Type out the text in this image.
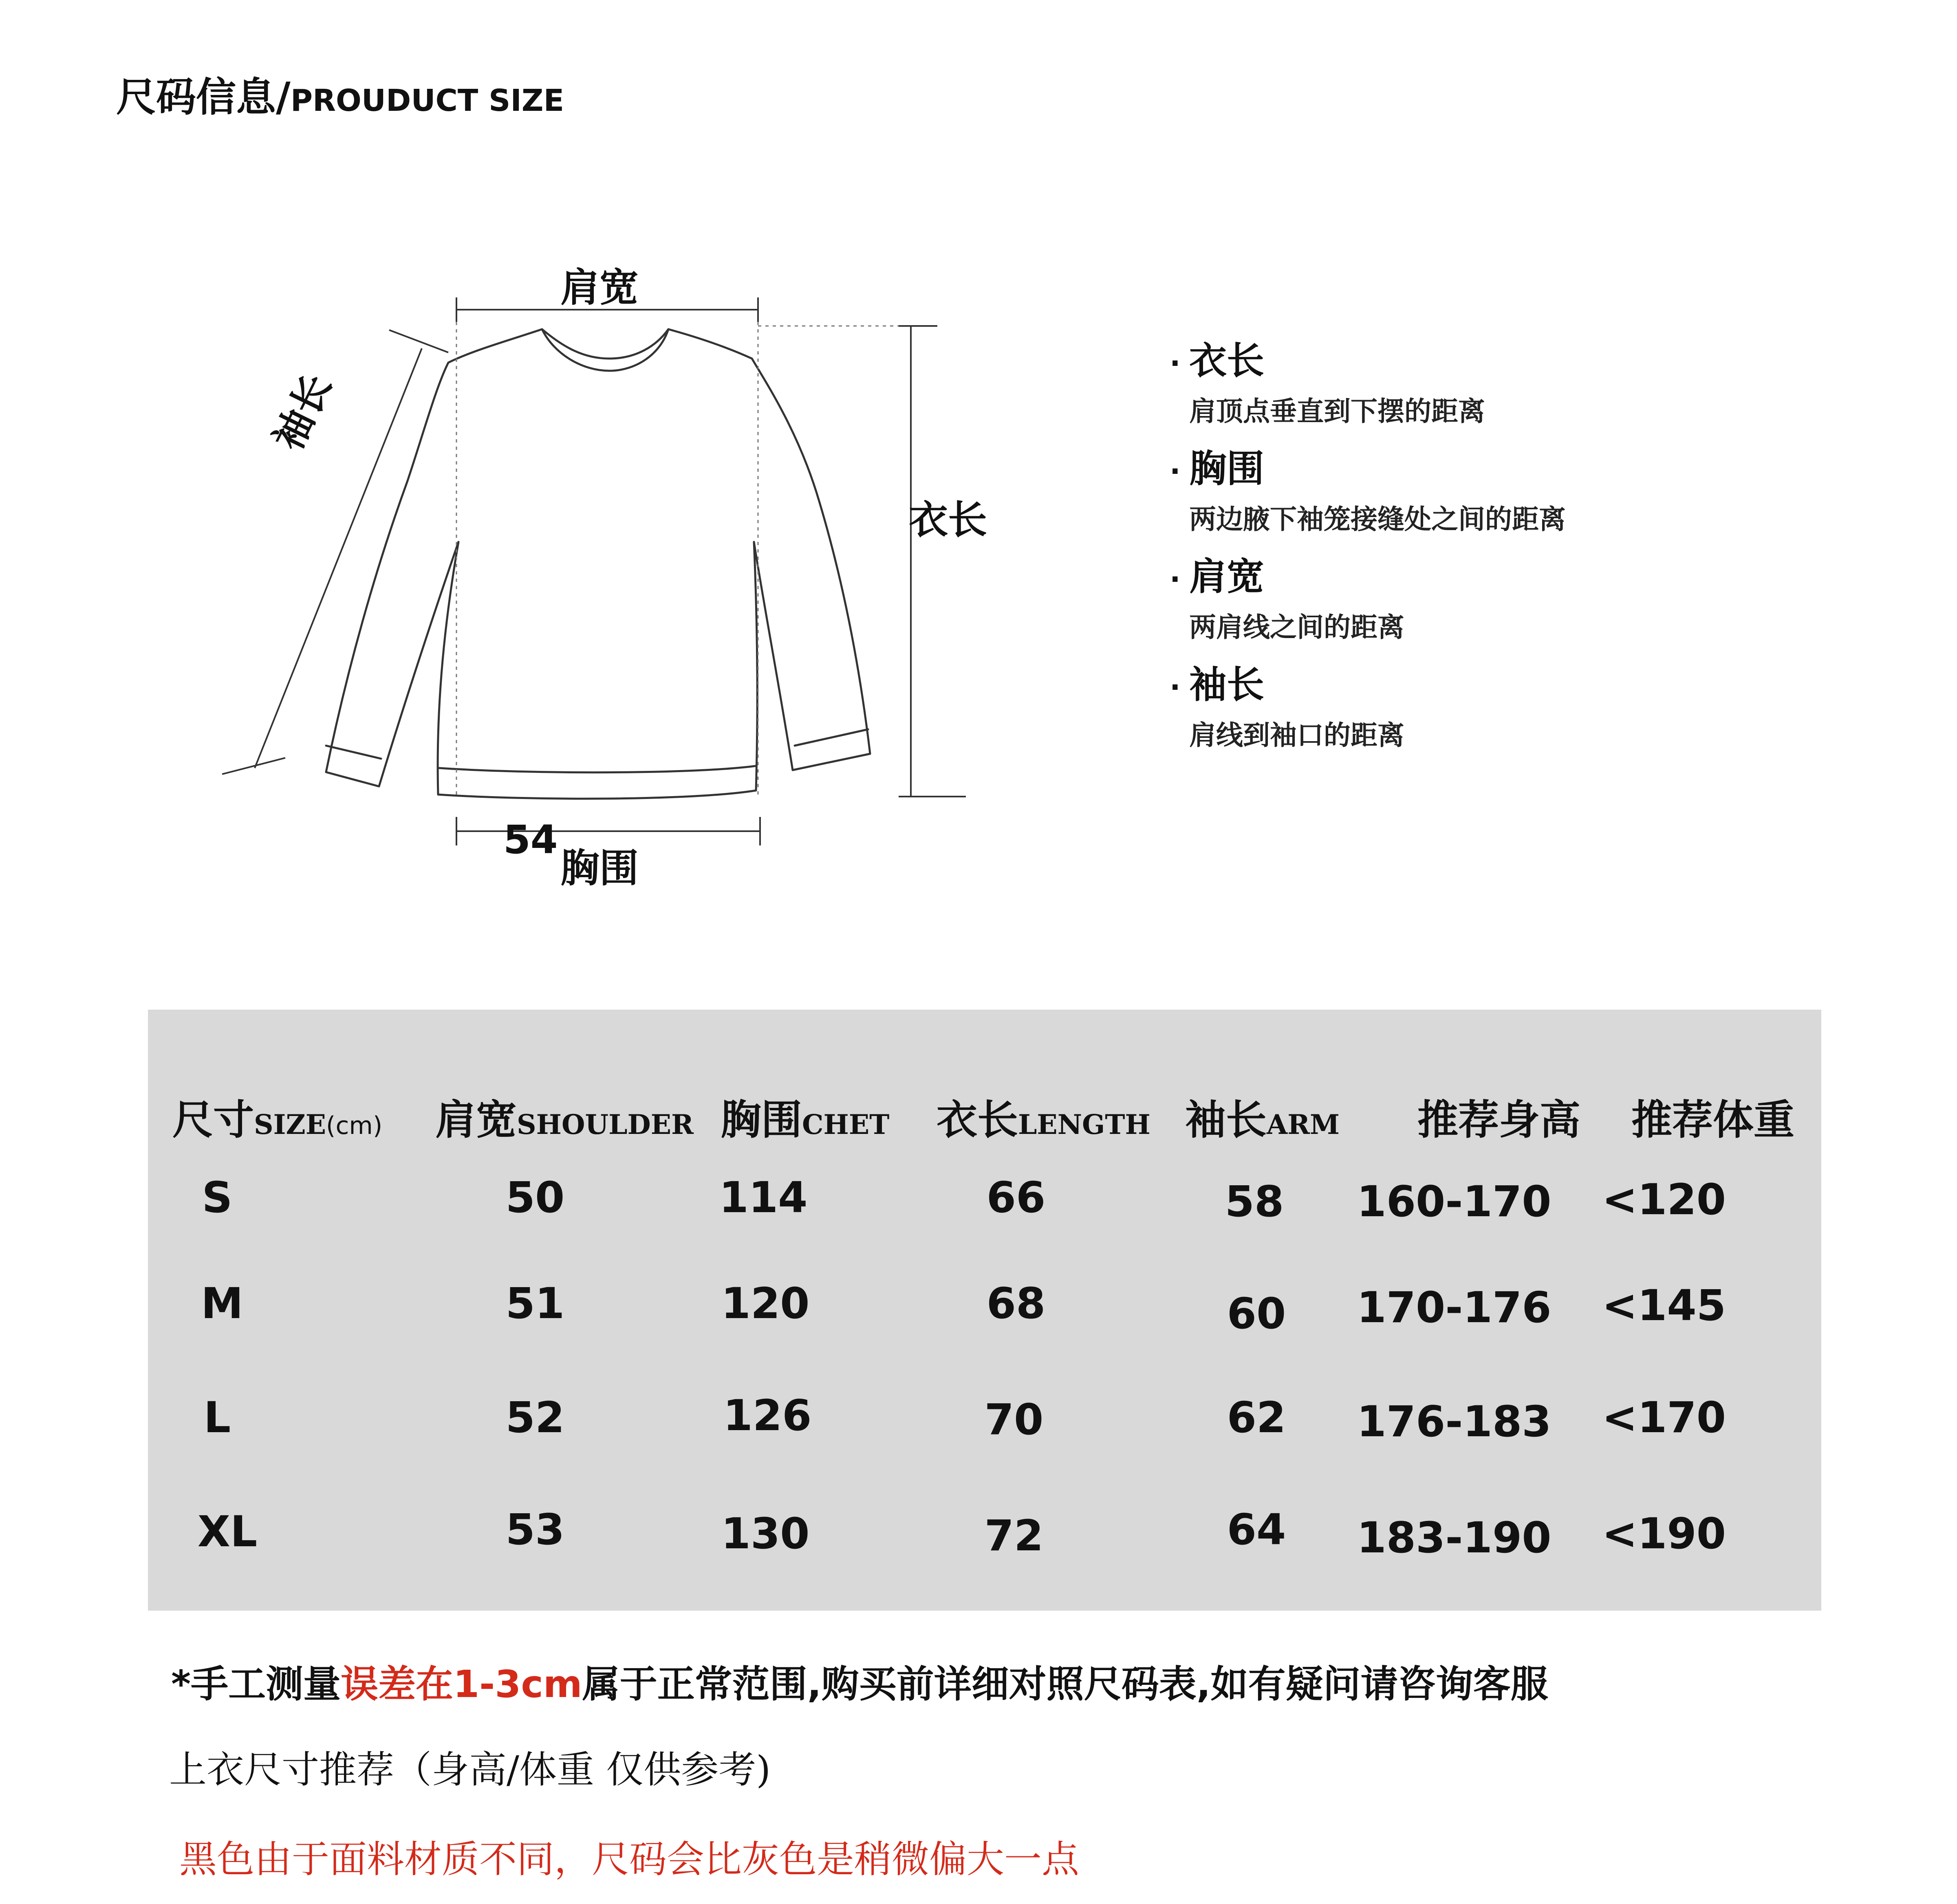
尺码信息/PROUDUCT SIZE
肩宽
衣长
袖长
54
胸围
· 衣长
肩顶点垂直到下摆的距离
· 胸围
两边腋下袖笼接缝处之间的距离
· 肩宽
两肩线之间的距离
· 袖长
肩线到袖口的距离
尺寸SIZE(cm) 肩宽SHOULDER 胸围CHET 衣长LENGTH 袖长ARM 推荐身高 推荐体重
S	50	114	66	58	160-170	<120
M	51	120	68	60	170-176	<145
L	52	126	70	62	176-183	<170
XL	53	130	72	64	183-190	<190
*手工测量误差在1-3cm属于正常范围,购买前详细对照尺码表,如有疑问请咨询客服
上衣尺寸推荐（身高/体重 仅供参考)
黑色由于面料材质不同，尺码会比灰色是稍微偏大一点
